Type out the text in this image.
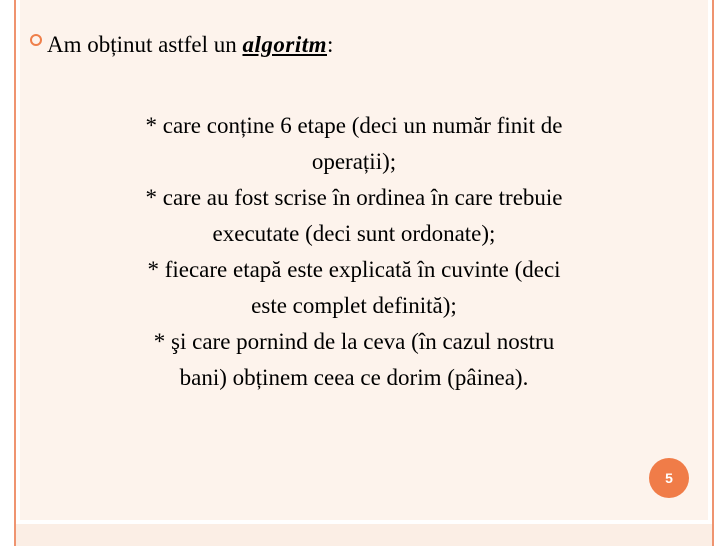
Am obținut astfel un algoritm:

* care conține 6 etape (deci un număr finit de
operații);

* care au fost scrise în ordinea în care trebuie
executate (deci sunt ordonate);

* fiecare etapă este explicată în cuvinte (deci
este complet definită);

* şi care pornind de la ceva (în cazul nostru
bani) obținem ceea ce dorim (pâinea).

5
